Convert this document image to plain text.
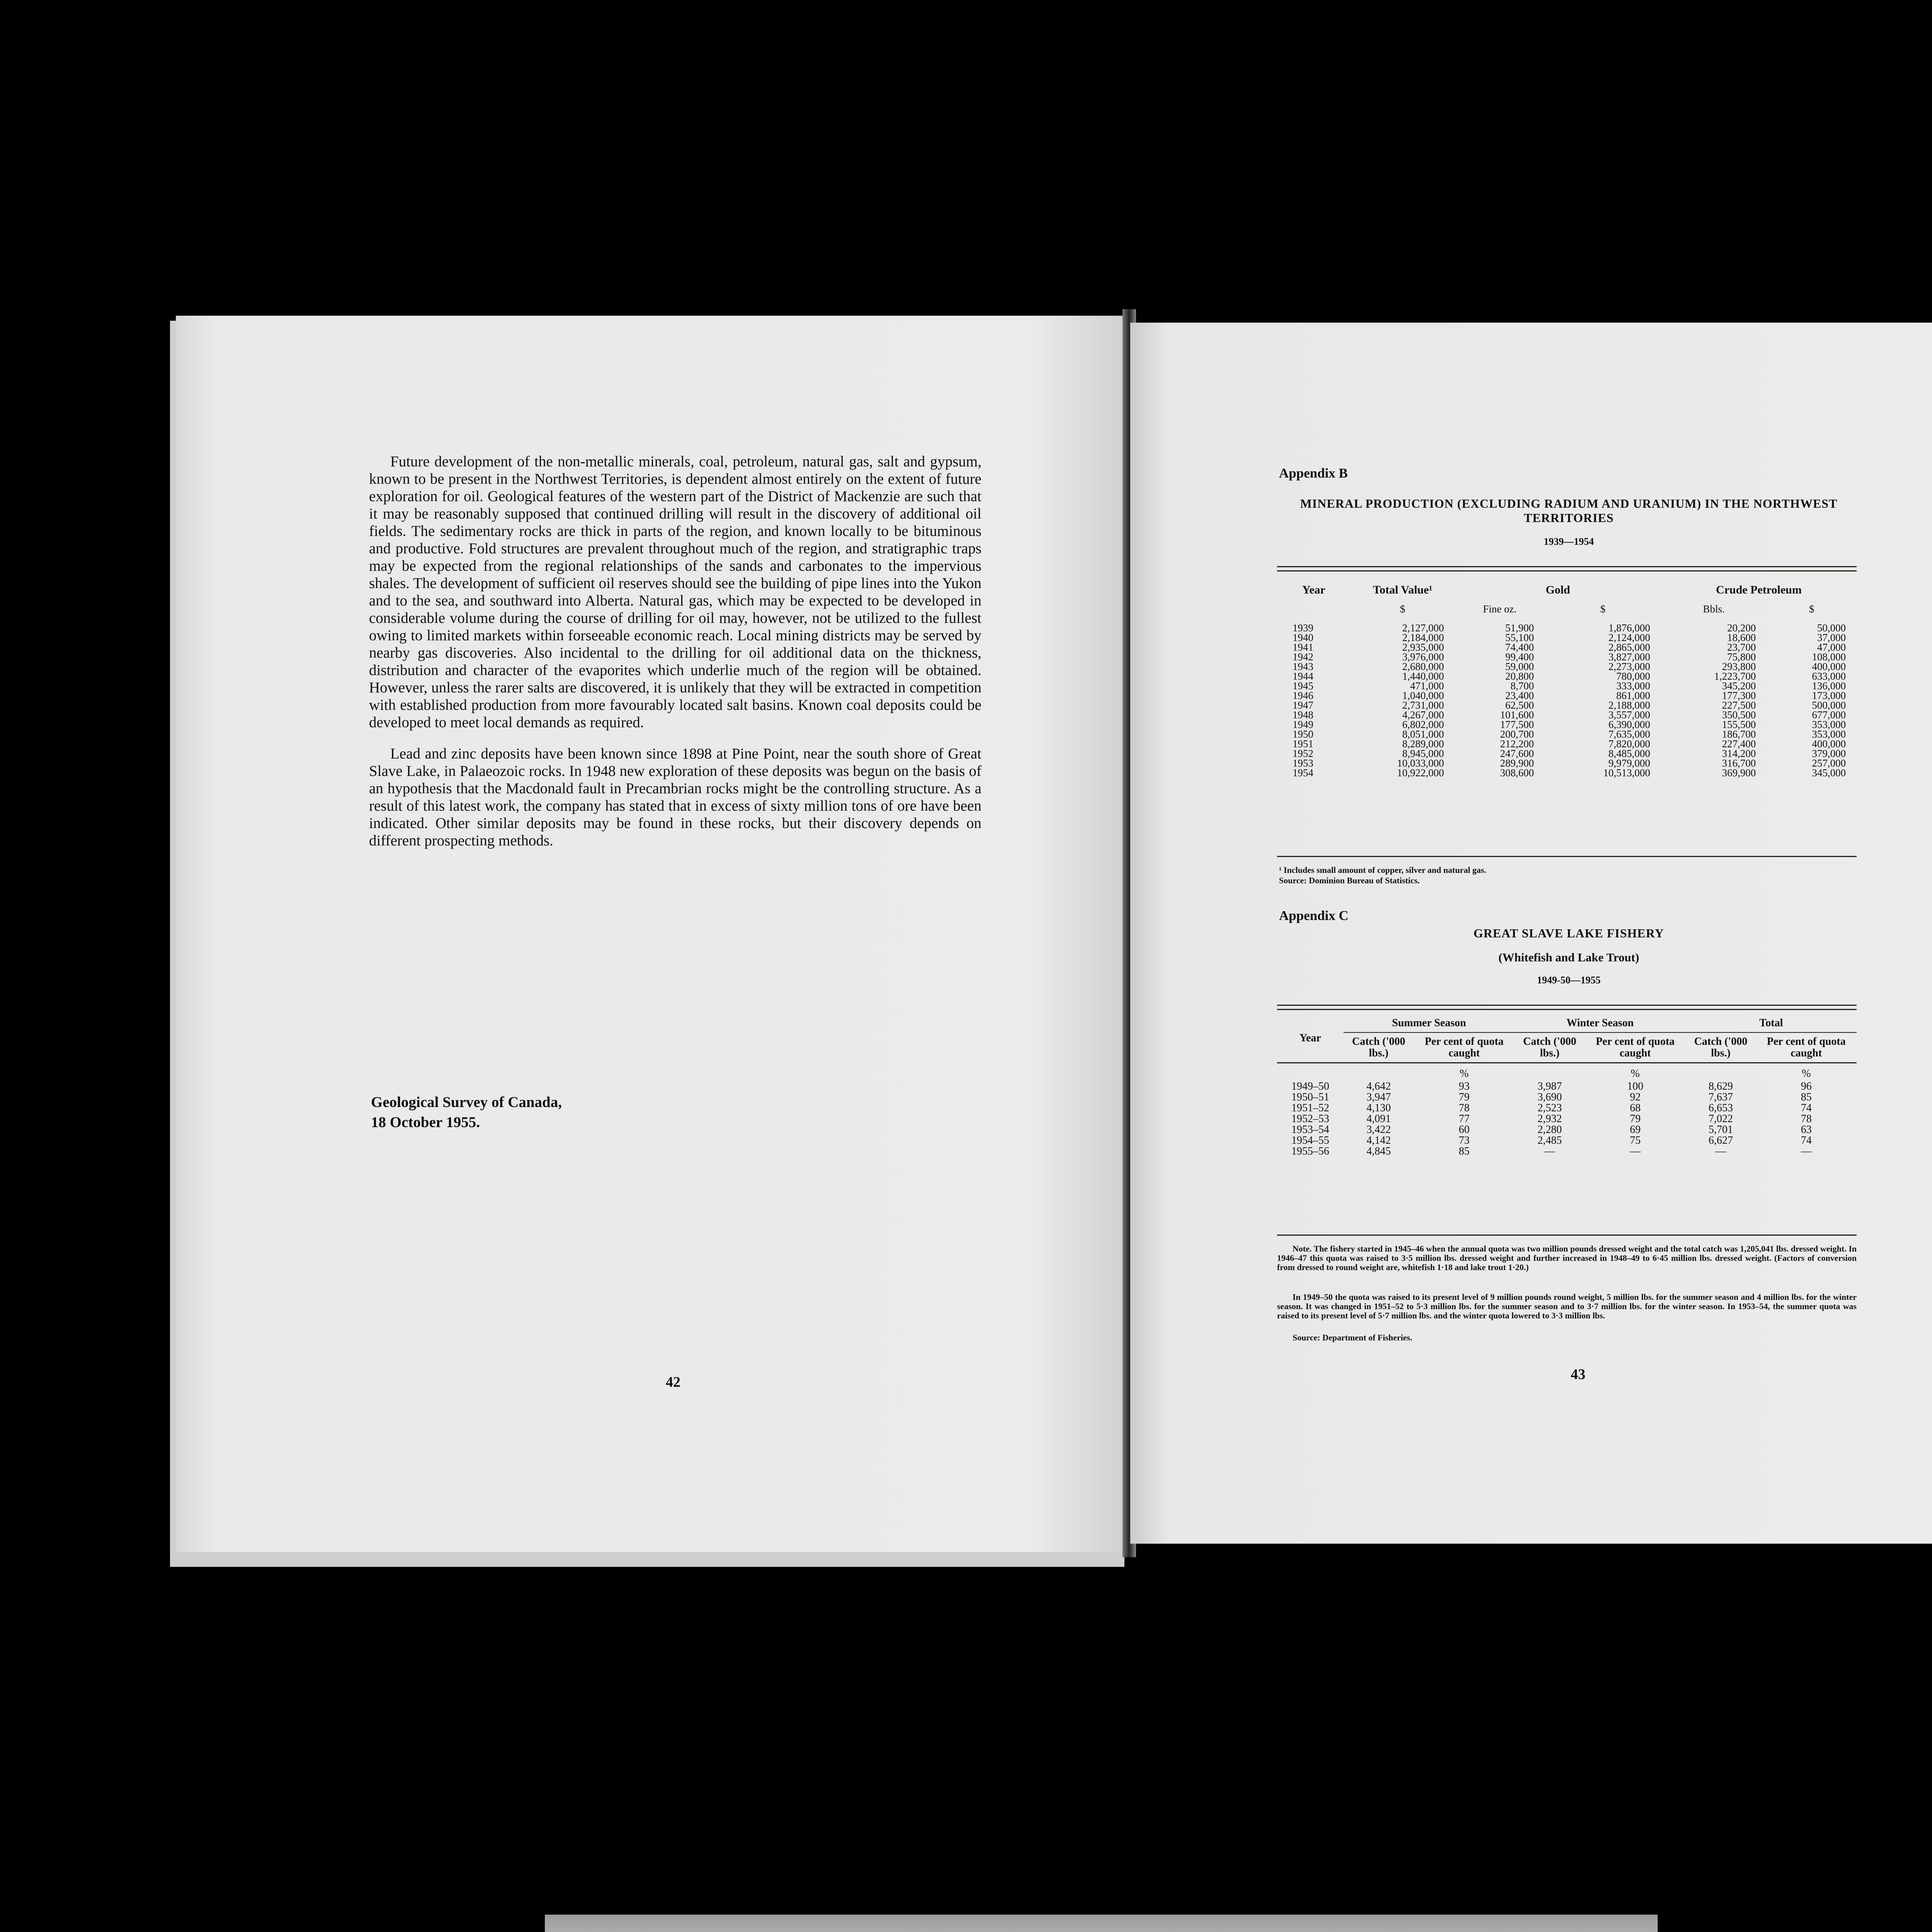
Future development of the non-metallic minerals, coal, petroleum, natural gas, salt and gypsum, known to be present in the Northwest Territories, is dependent almost entirely on the extent of future exploration for oil. Geological features of the western part of the District of Mackenzie are such that it may be reasonably supposed that continued drilling will result in the discovery of additional oil fields. The sedimentary rocks are thick in parts of the region, and known locally to be bituminous and productive. Fold structures are prevalent throughout much of the region, and stratigraphic traps may be expected from the regional relationships of the sands and carbonates to the impervious shales. The development of sufficient oil reserves should see the building of pipe lines into the Yukon and to the sea, and southward into Alberta. Natural gas, which may be expected to be developed in considerable volume during the course of drilling for oil may, however, not be utilized to the fullest owing to limited markets within forseeable economic reach. Local mining districts may be served by nearby gas discoveries. Also incidental to the drilling for oil additional data on the thickness, distribution and character of the evaporites which underlie much of the region will be obtained. However, unless the rarer salts are discovered, it is unlikely that they will be extracted in competition with established production from more favourably located salt basins. Known coal deposits could be developed to meet local demands as required.

Lead and zinc deposits have been known since 1898 at Pine Point, near the south shore of Great Slave Lake, in Palaeozoic rocks. In 1948 new exploration of these deposits was begun on the basis of an hypothesis that the Macdonald fault in Precambrian rocks might be the controlling structure. As a result of this latest work, the company has stated that in excess of sixty million tons of ore have been indicated. Other similar deposits may be found in these rocks, but their discovery depends on different prospecting methods.

Geological Survey of Canada,
18 October 1955.
42
Appendix B
MINERAL PRODUCTION (EXCLUDING RADIUM AND URANIUM) IN THE NORTHWEST
TERRITORIES
1939—1954
Year	Total Value¹	Gold		Crude Petroleum	
	$	Fine oz.	$	Bbls.	$
1939	2,127,000	51,900	1,876,000	20,200	50,000
1940	2,184,000	55,100	2,124,000	18,600	37,000
1941	2,935,000	74,400	2,865,000	23,700	47,000
1942	3,976,000	99,400	3,827,000	75,800	108,000
1943	2,680,000	59,000	2,273,000	293,800	400,000
1944	1,440,000	20,800	780,000	1,223,700	633,000
1945	471,000	8,700	333,000	345,200	136,000
1946	1,040,000	23,400	861,000	177,300	173,000
1947	2,731,000	62,500	2,188,000	227,500	500,000
1948	4,267,000	101,600	3,557,000	350,500	677,000
1949	6,802,000	177,500	6,390,000	155,500	353,000
1950	8,051,000	200,700	7,635,000	186,700	353,000
1951	8,289,000	212,200	7,820,000	227,400	400,000
1952	8,945,000	247,600	8,485,000	314,200	379,000
1953	10,033,000	289,900	9,979,000	316,700	257,000
1954	10,922,000	308,600	10,513,000	369,900	345,000
¹ Includes small amount of copper, silver and natural gas.
Source: Dominion Bureau of Statistics.
Appendix C
GREAT SLAVE LAKE FISHERY
(Whitefish and Lake Trout)
1949-50—1955
Year	Summer Season		Winter Season		Total	
	Catch ('000 lbs.)	Per cent of quota caught	Catch ('000 lbs.)	Per cent of quota caught	Catch ('000 lbs.)	Per cent of quota caught
		%		%		%
1949–50	4,642	93	3,987	100	8,629	96
1950–51	3,947	79	3,690	92	7,637	85
1951–52	4,130	78	2,523	68	6,653	74
1952–53	4,091	77	2,932	79	7,022	78
1953–54	3,422	60	2,280	69	5,701	63
1954–55	4,142	73	2,485	75	6,627	74
1955–56	4,845	85	—	—	—	—
Note. The fishery started in 1945–46 when the annual quota was two million pounds dressed weight and the total catch was 1,205,041 lbs. dressed weight. In 1946–47 this quota was raised to 3·5 million lbs. dressed weight and further increased in 1948–49 to 6·45 million lbs. dressed weight. (Factors of conversion from dressed to round weight are, whitefish 1·18 and lake trout 1·20.)
In 1949–50 the quota was raised to its present level of 9 million pounds round weight, 5 million lbs. for the summer season and 4 million lbs. for the winter season. It was changed in 1951–52 to 5·3 million lbs. for the summer season and to 3·7 million lbs. for the winter season. In 1953–54, the summer quota was raised to its present level of 5·7 million lbs. and the winter quota lowered to 3·3 million lbs.
Source: Department of Fisheries.
43
